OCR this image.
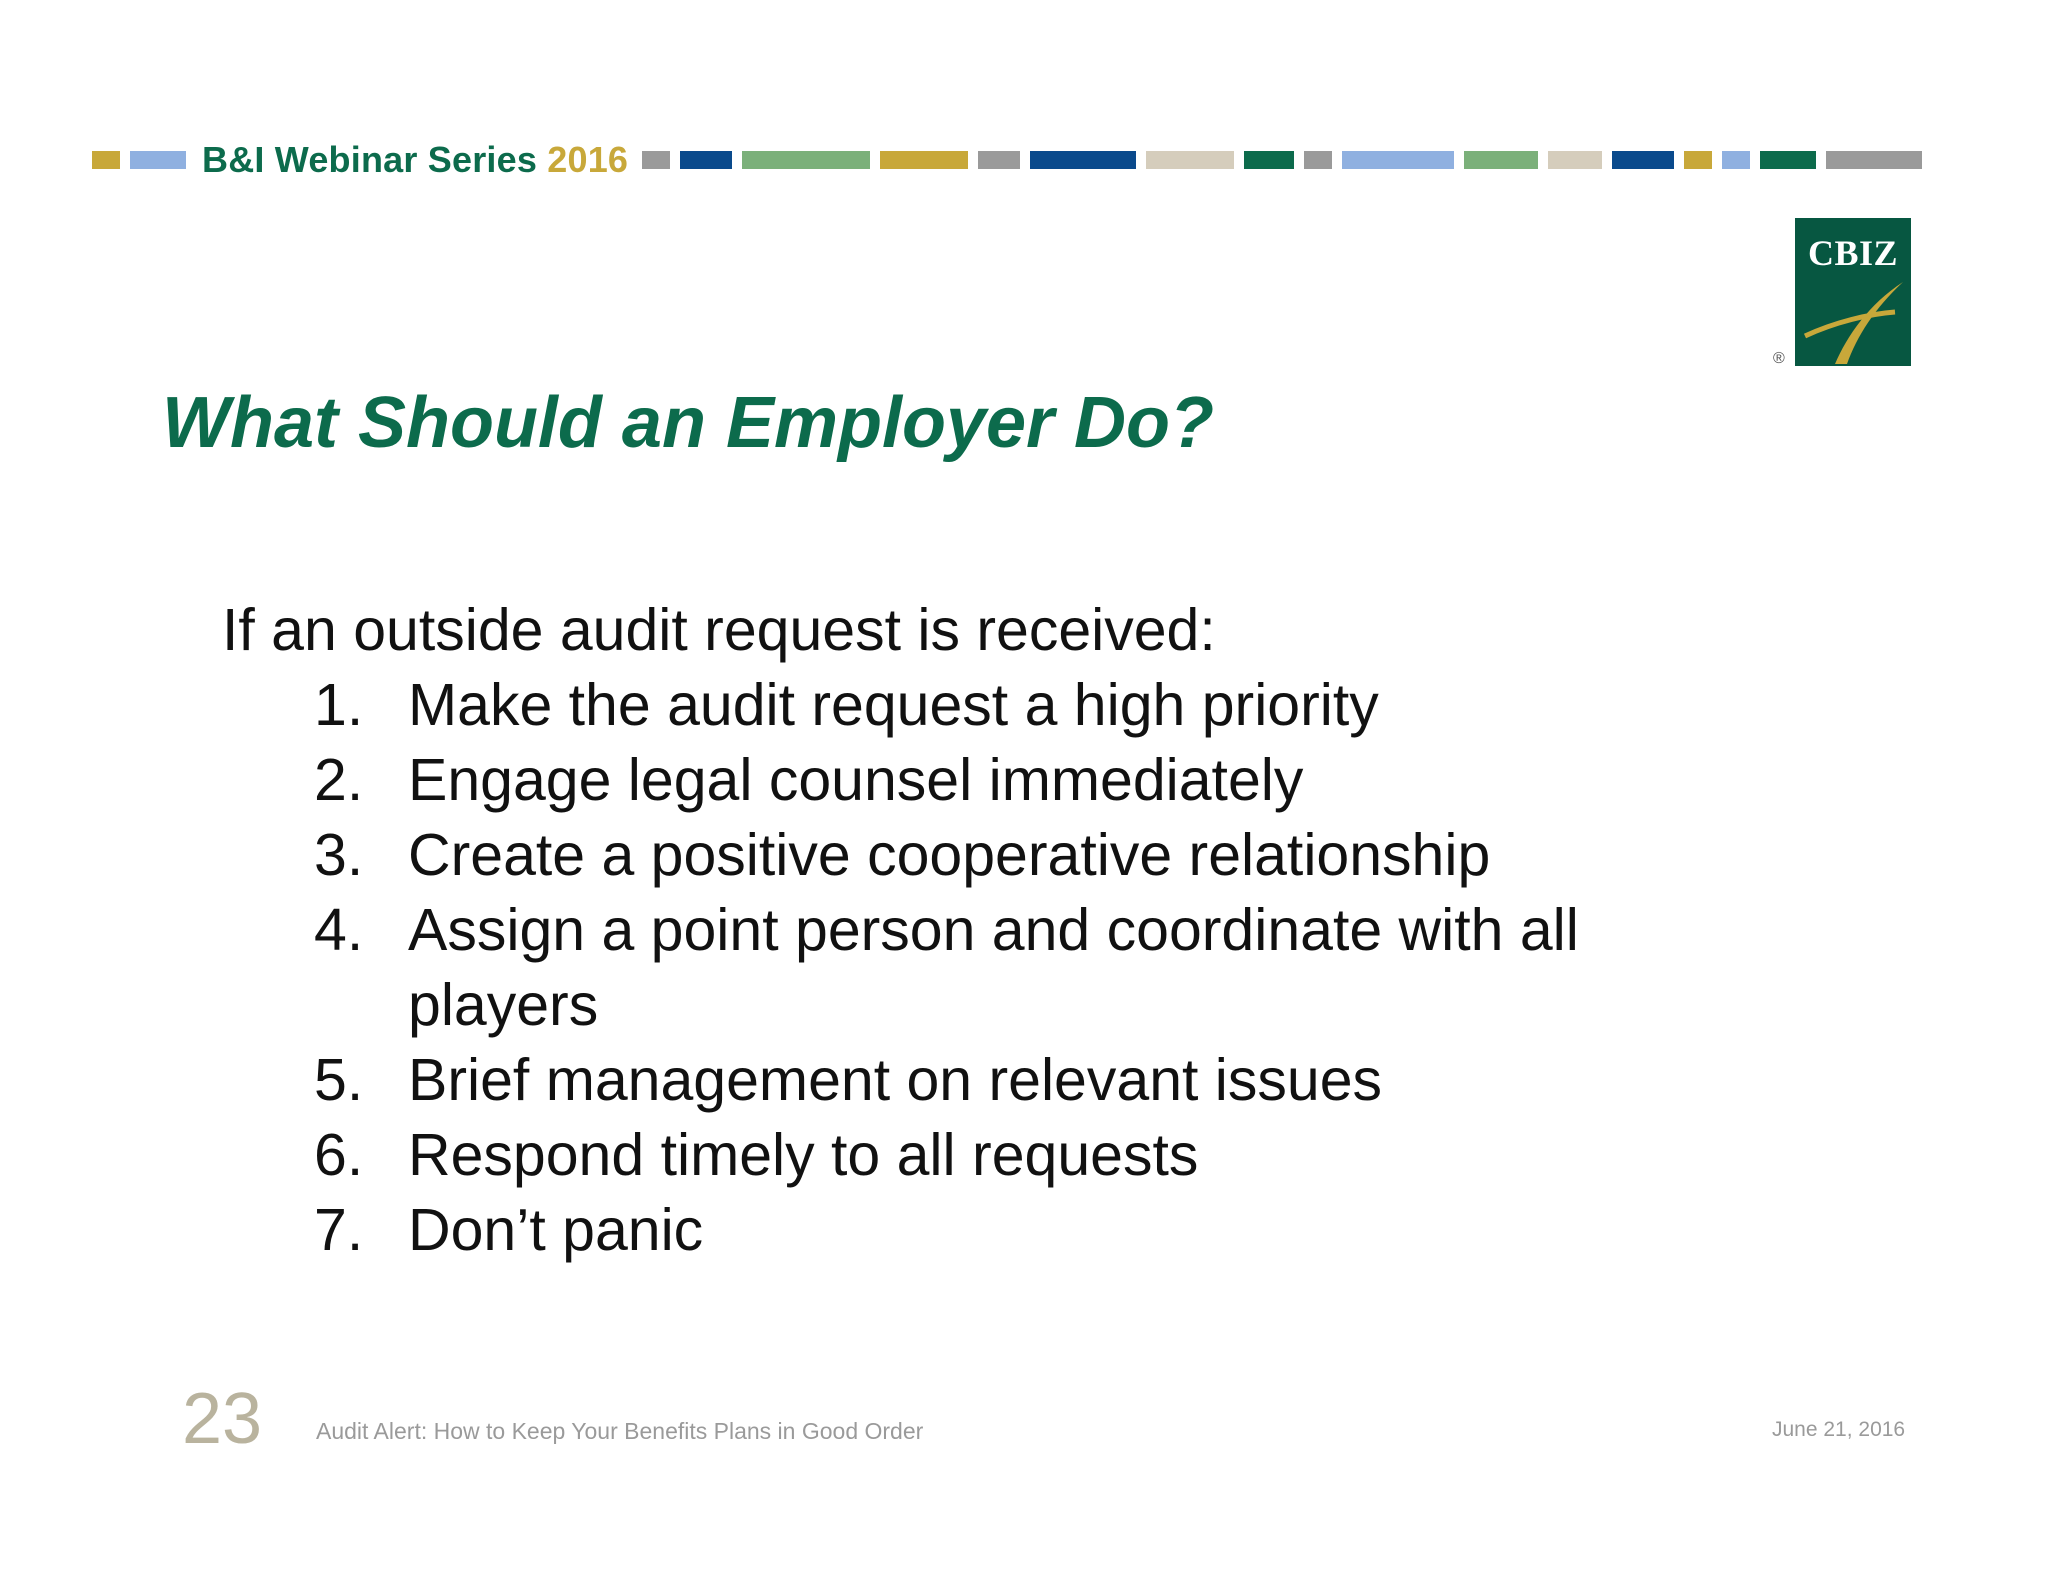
B&I Webinar Series 2016
CBIZ
®
What Should an Employer Do?

If an outside audit request is received:

1. Make the audit request a high priority
2. Engage legal counsel immediately
3. Create a positive cooperative relationship
4. Assign a point person and coordinate with all players
5. Brief management on relevant issues
6. Respond timely to all requests
7. Don’t panic
23 Audit Alert: How to Keep Your Benefits Plans in Good Order	June 21, 2016
